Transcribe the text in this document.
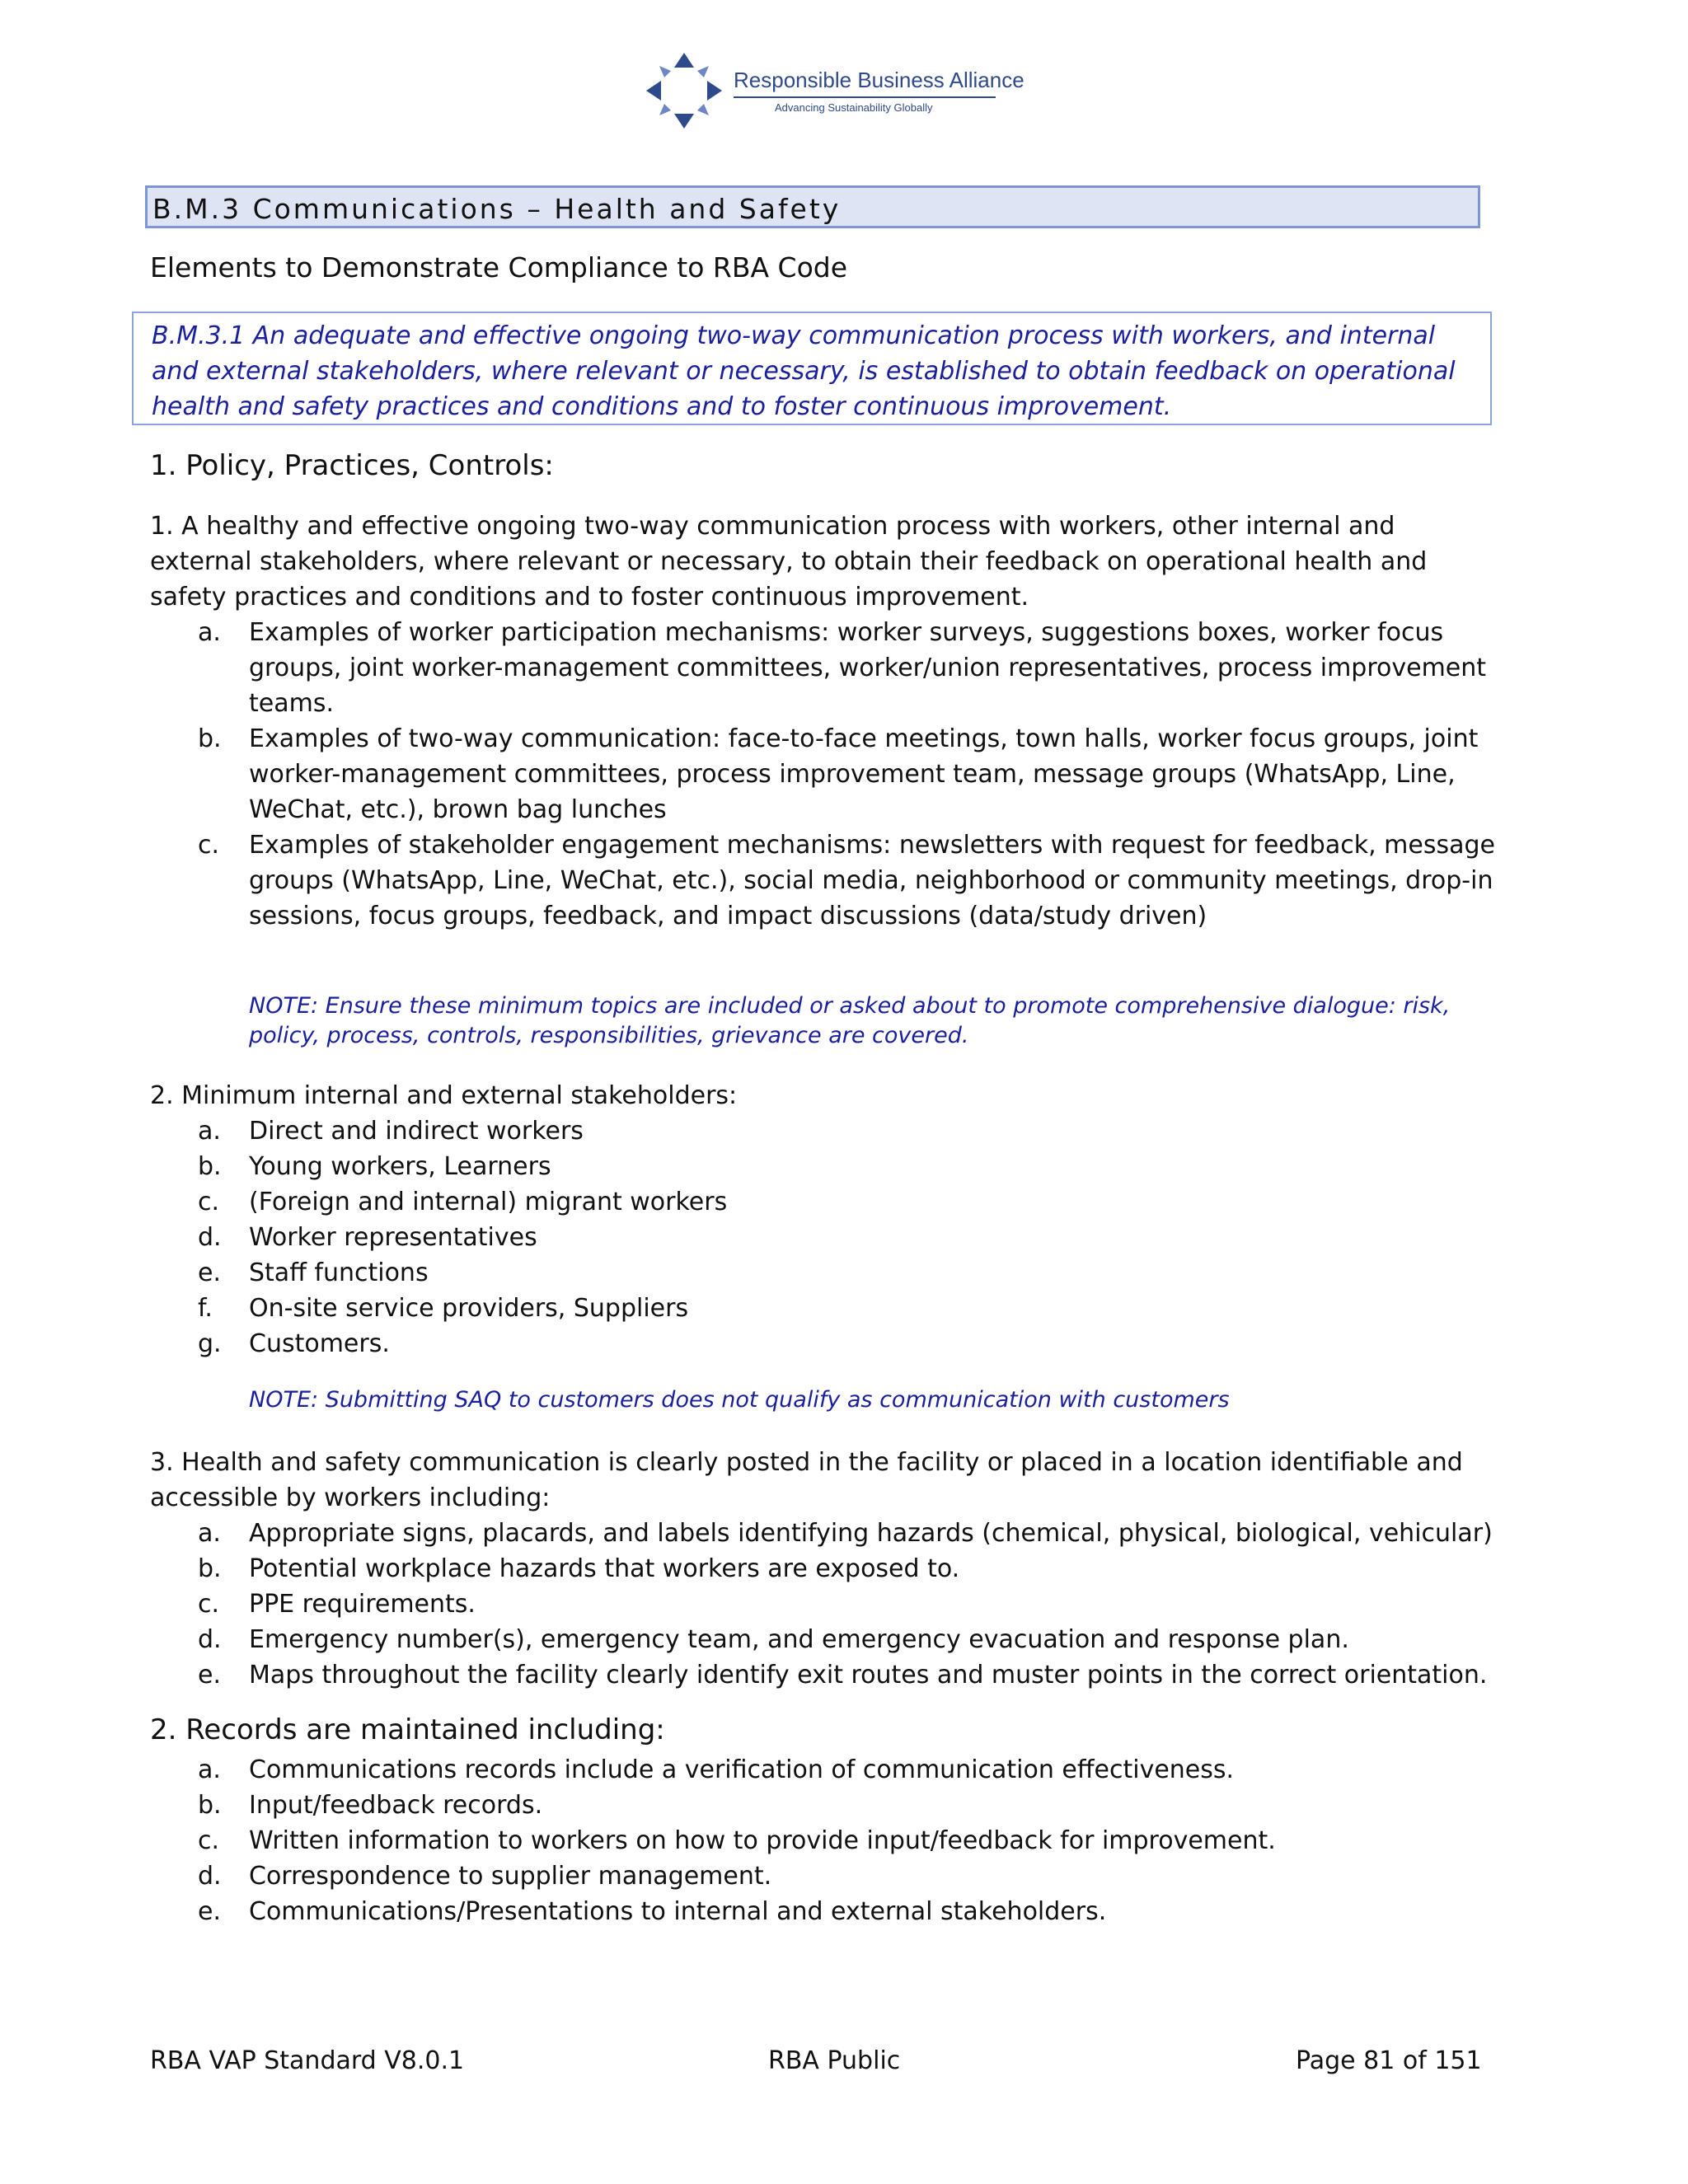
Responsible Business Alliance
Advancing Sustainability Globally
B.M.3 Communications – Health and Safety
Elements to Demonstrate Compliance to RBA Code
B.M.3.1 An adequate and effective ongoing two-way communication process with workers, and internal and external stakeholders, where relevant or necessary, is established to obtain feedback on operational health and safety practices and conditions and to foster continuous improvement.
1. Policy, Practices, Controls:
1. A healthy and effective ongoing two-way communication process with workers, other internal and external stakeholders, where relevant or necessary, to obtain their feedback on operational health and safety practices and conditions and to foster continuous improvement.
a.	Examples of worker participation mechanisms: worker surveys, suggestions boxes, worker focus groups, joint worker-management committees, worker/union representatives, process improvement teams.
b.	Examples of two-way communication: face-to-face meetings, town halls, worker focus groups, joint worker-management committees, process improvement team, message groups (WhatsApp, Line, WeChat, etc.), brown bag lunches
c.	Examples of stakeholder engagement mechanisms: newsletters with request for feedback, message groups (WhatsApp, Line, WeChat, etc.), social media, neighborhood or community meetings, drop-in sessions, focus groups, feedback, and impact discussions (data/study driven)
NOTE: Ensure these minimum topics are included or asked about to promote comprehensive dialogue: risk, policy, process, controls, responsibilities, grievance are covered.
2. Minimum internal and external stakeholders:
a.	Direct and indirect workers
b.	Young workers, Learners
c.	(Foreign and internal) migrant workers
d.	Worker representatives
e.	Staff functions
f.	On-site service providers, Suppliers
g.	Customers.
NOTE: Submitting SAQ to customers does not qualify as communication with customers
3. Health and safety communication is clearly posted in the facility or placed in a location identifiable and accessible by workers including:
a.	Appropriate signs, placards, and labels identifying hazards (chemical, physical, biological, vehicular)
b.	Potential workplace hazards that workers are exposed to.
c.	PPE requirements.
d.	Emergency number(s), emergency team, and emergency evacuation and response plan.
e.	Maps throughout the facility clearly identify exit routes and muster points in the correct orientation.
2. Records are maintained including:
a.	Communications records include a verification of communication effectiveness.
b.	Input/feedback records.
c.	Written information to workers on how to provide input/feedback for improvement.
d.	Correspondence to supplier management.
e.	Communications/Presentations to internal and external stakeholders.
RBA VAP Standard V8.0.1	RBA Public	Page 81 of 151
